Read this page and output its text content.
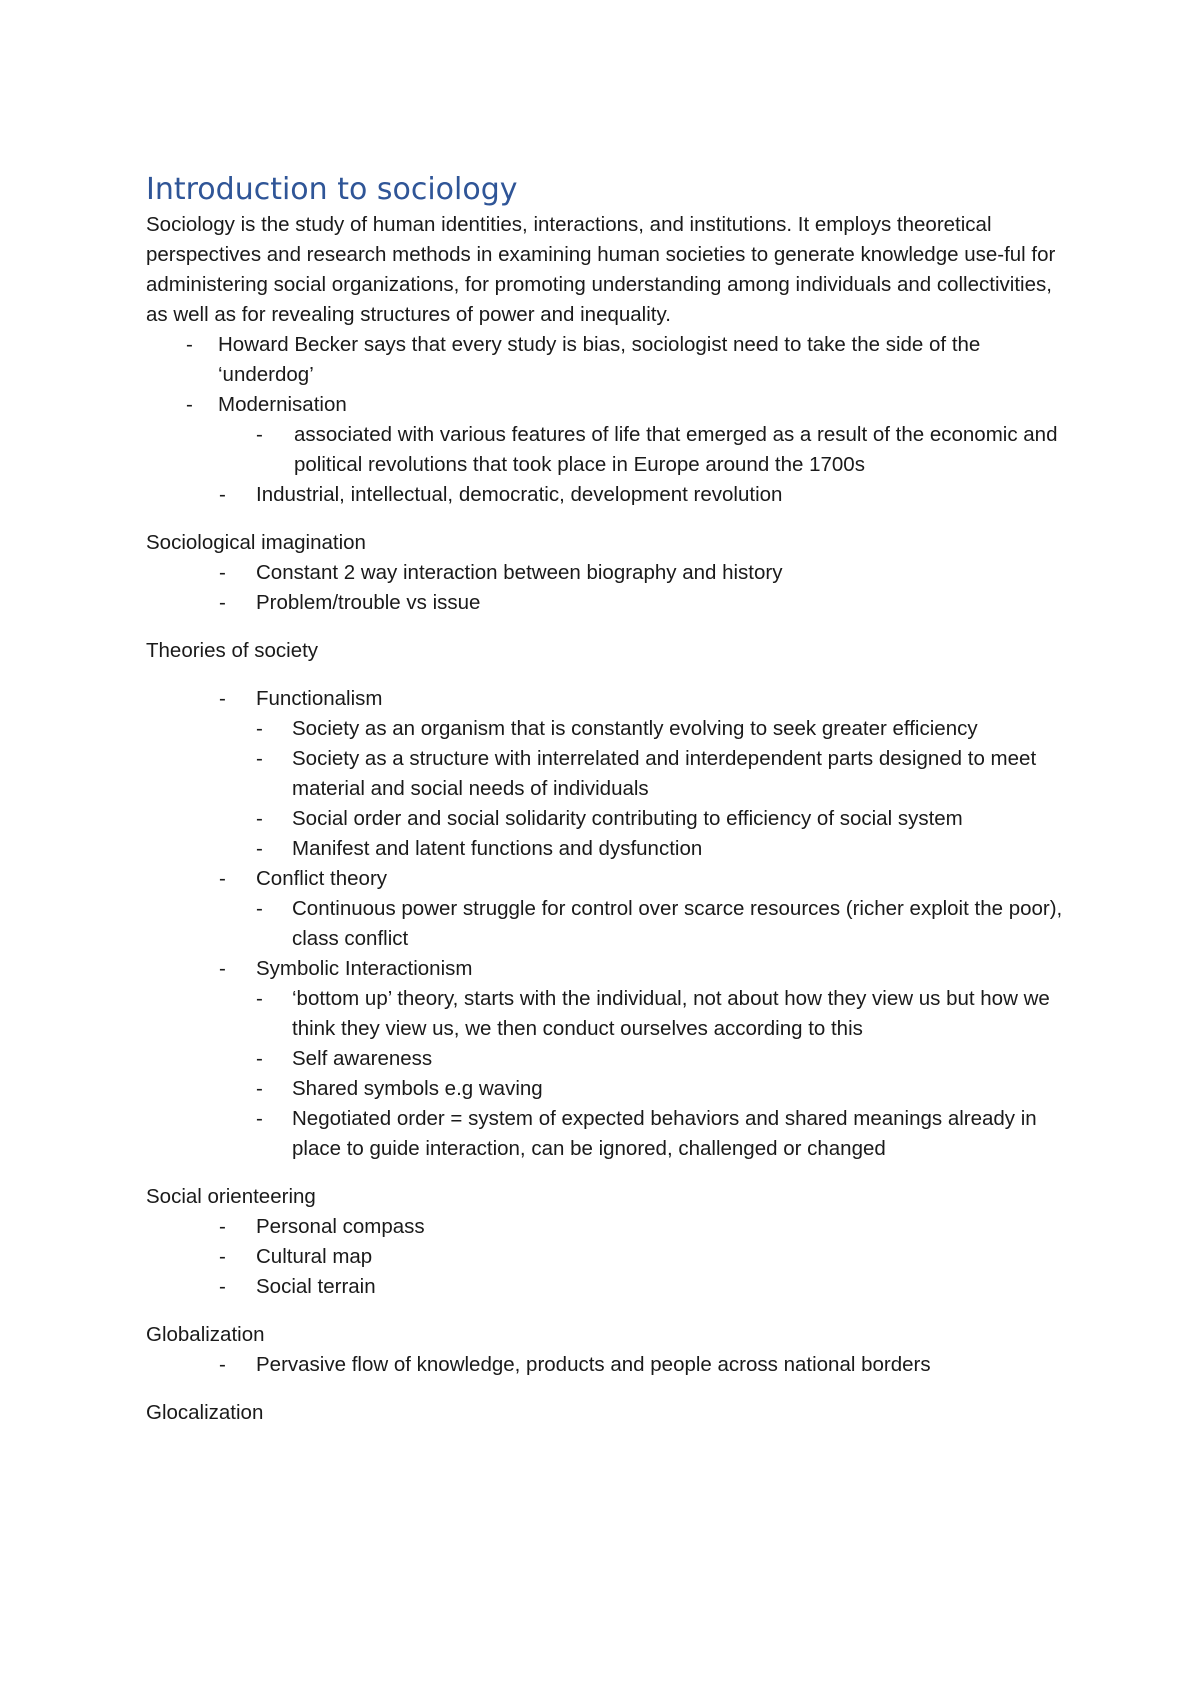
Introduction to sociology

Sociology is the study of human identities, interactions, and institutions. It employs theoretical perspectives and research methods in examining human societies to generate knowledge use-ful for administering social organizations, for promoting understanding among individuals and collectivities, as well as for revealing structures of power and inequality.

- Howard Becker says that every study is bias, sociologist need to take the side of the ‘underdog’
- Modernisation
- associated with various features of life that emerged as a result of the economic and political revolutions that took place in Europe around the 1700s
- Industrial, intellectual, democratic, development revolution

Sociological imagination

- Constant 2 way interaction between biography and history
- Problem/trouble vs issue

Theories of society

- Functionalism
- Society as an organism that is constantly evolving to seek greater efficiency
- Society as a structure with interrelated and interdependent parts designed to meet material and social needs of individuals
- Social order and social solidarity contributing to efficiency of social system
- Manifest and latent functions and dysfunction
- Conflict theory
- Continuous power struggle for control over scarce resources (richer exploit the poor), class conflict
- Symbolic Interactionism
- ‘bottom up’ theory, starts with the individual, not about how they view us but how we think they view us, we then conduct ourselves according to this
- Self awareness
- Shared symbols e.g waving
- Negotiated order = system of expected behaviors and shared meanings already in place to guide interaction, can be ignored, challenged or changed

Social orienteering

- Personal compass
- Cultural map
- Social terrain

Globalization

- Pervasive flow of knowledge, products and people across national borders

Glocalization
